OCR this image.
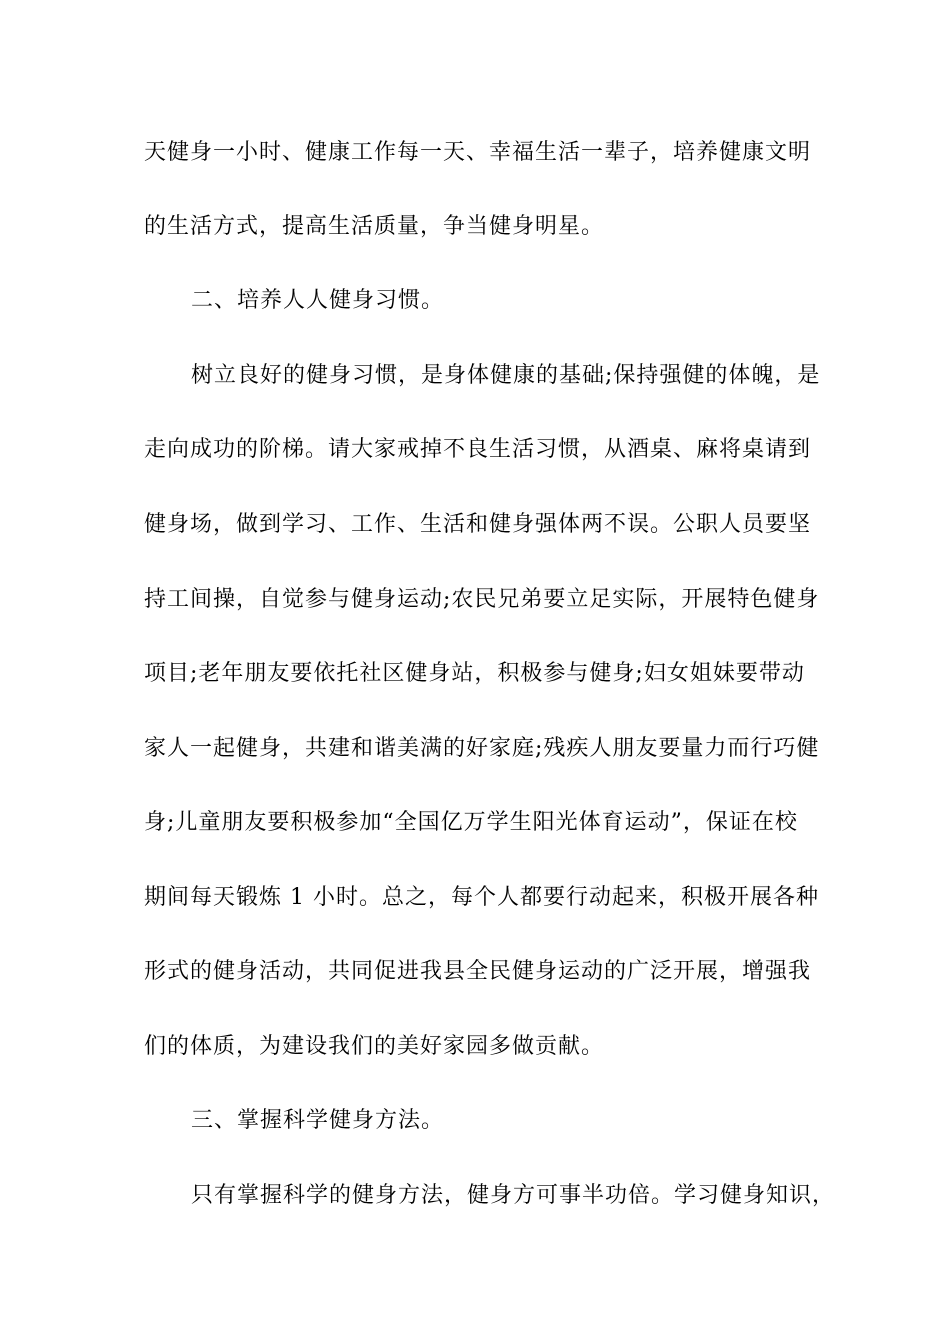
天健身一小时、健康工作每一天、幸福生活一辈子，培养健康文明
的生活方式，提高生活质量，争当健身明星。
二、培养人人健身习惯。
树立良好的健身习惯，是身体健康的基础;保持强健的体魄，是
走向成功的阶梯。请大家戒掉不良生活习惯，从酒桌、麻将桌请到
健身场，做到学习、工作、生活和健身强体两不误。公职人员要坚
持工间操，自觉参与健身运动;农民兄弟要立足实际，开展特色健身
项目;老年朋友要依托社区健身站，积极参与健身;妇女姐妹要带动
家人一起健身，共建和谐美满的好家庭;残疾人朋友要量力而行巧健
身;儿童朋友要积极参加“全国亿万学生阳光体育运动”，保证在校
期间每天锻炼 1 小时。总之，每个人都要行动起来，积极开展各种
形式的健身活动，共同促进我县全民健身运动的广泛开展，增强我
们的体质，为建设我们的美好家园多做贡献。
三、掌握科学健身方法。
只有掌握科学的健身方法，健身方可事半功倍。学习健身知识，
